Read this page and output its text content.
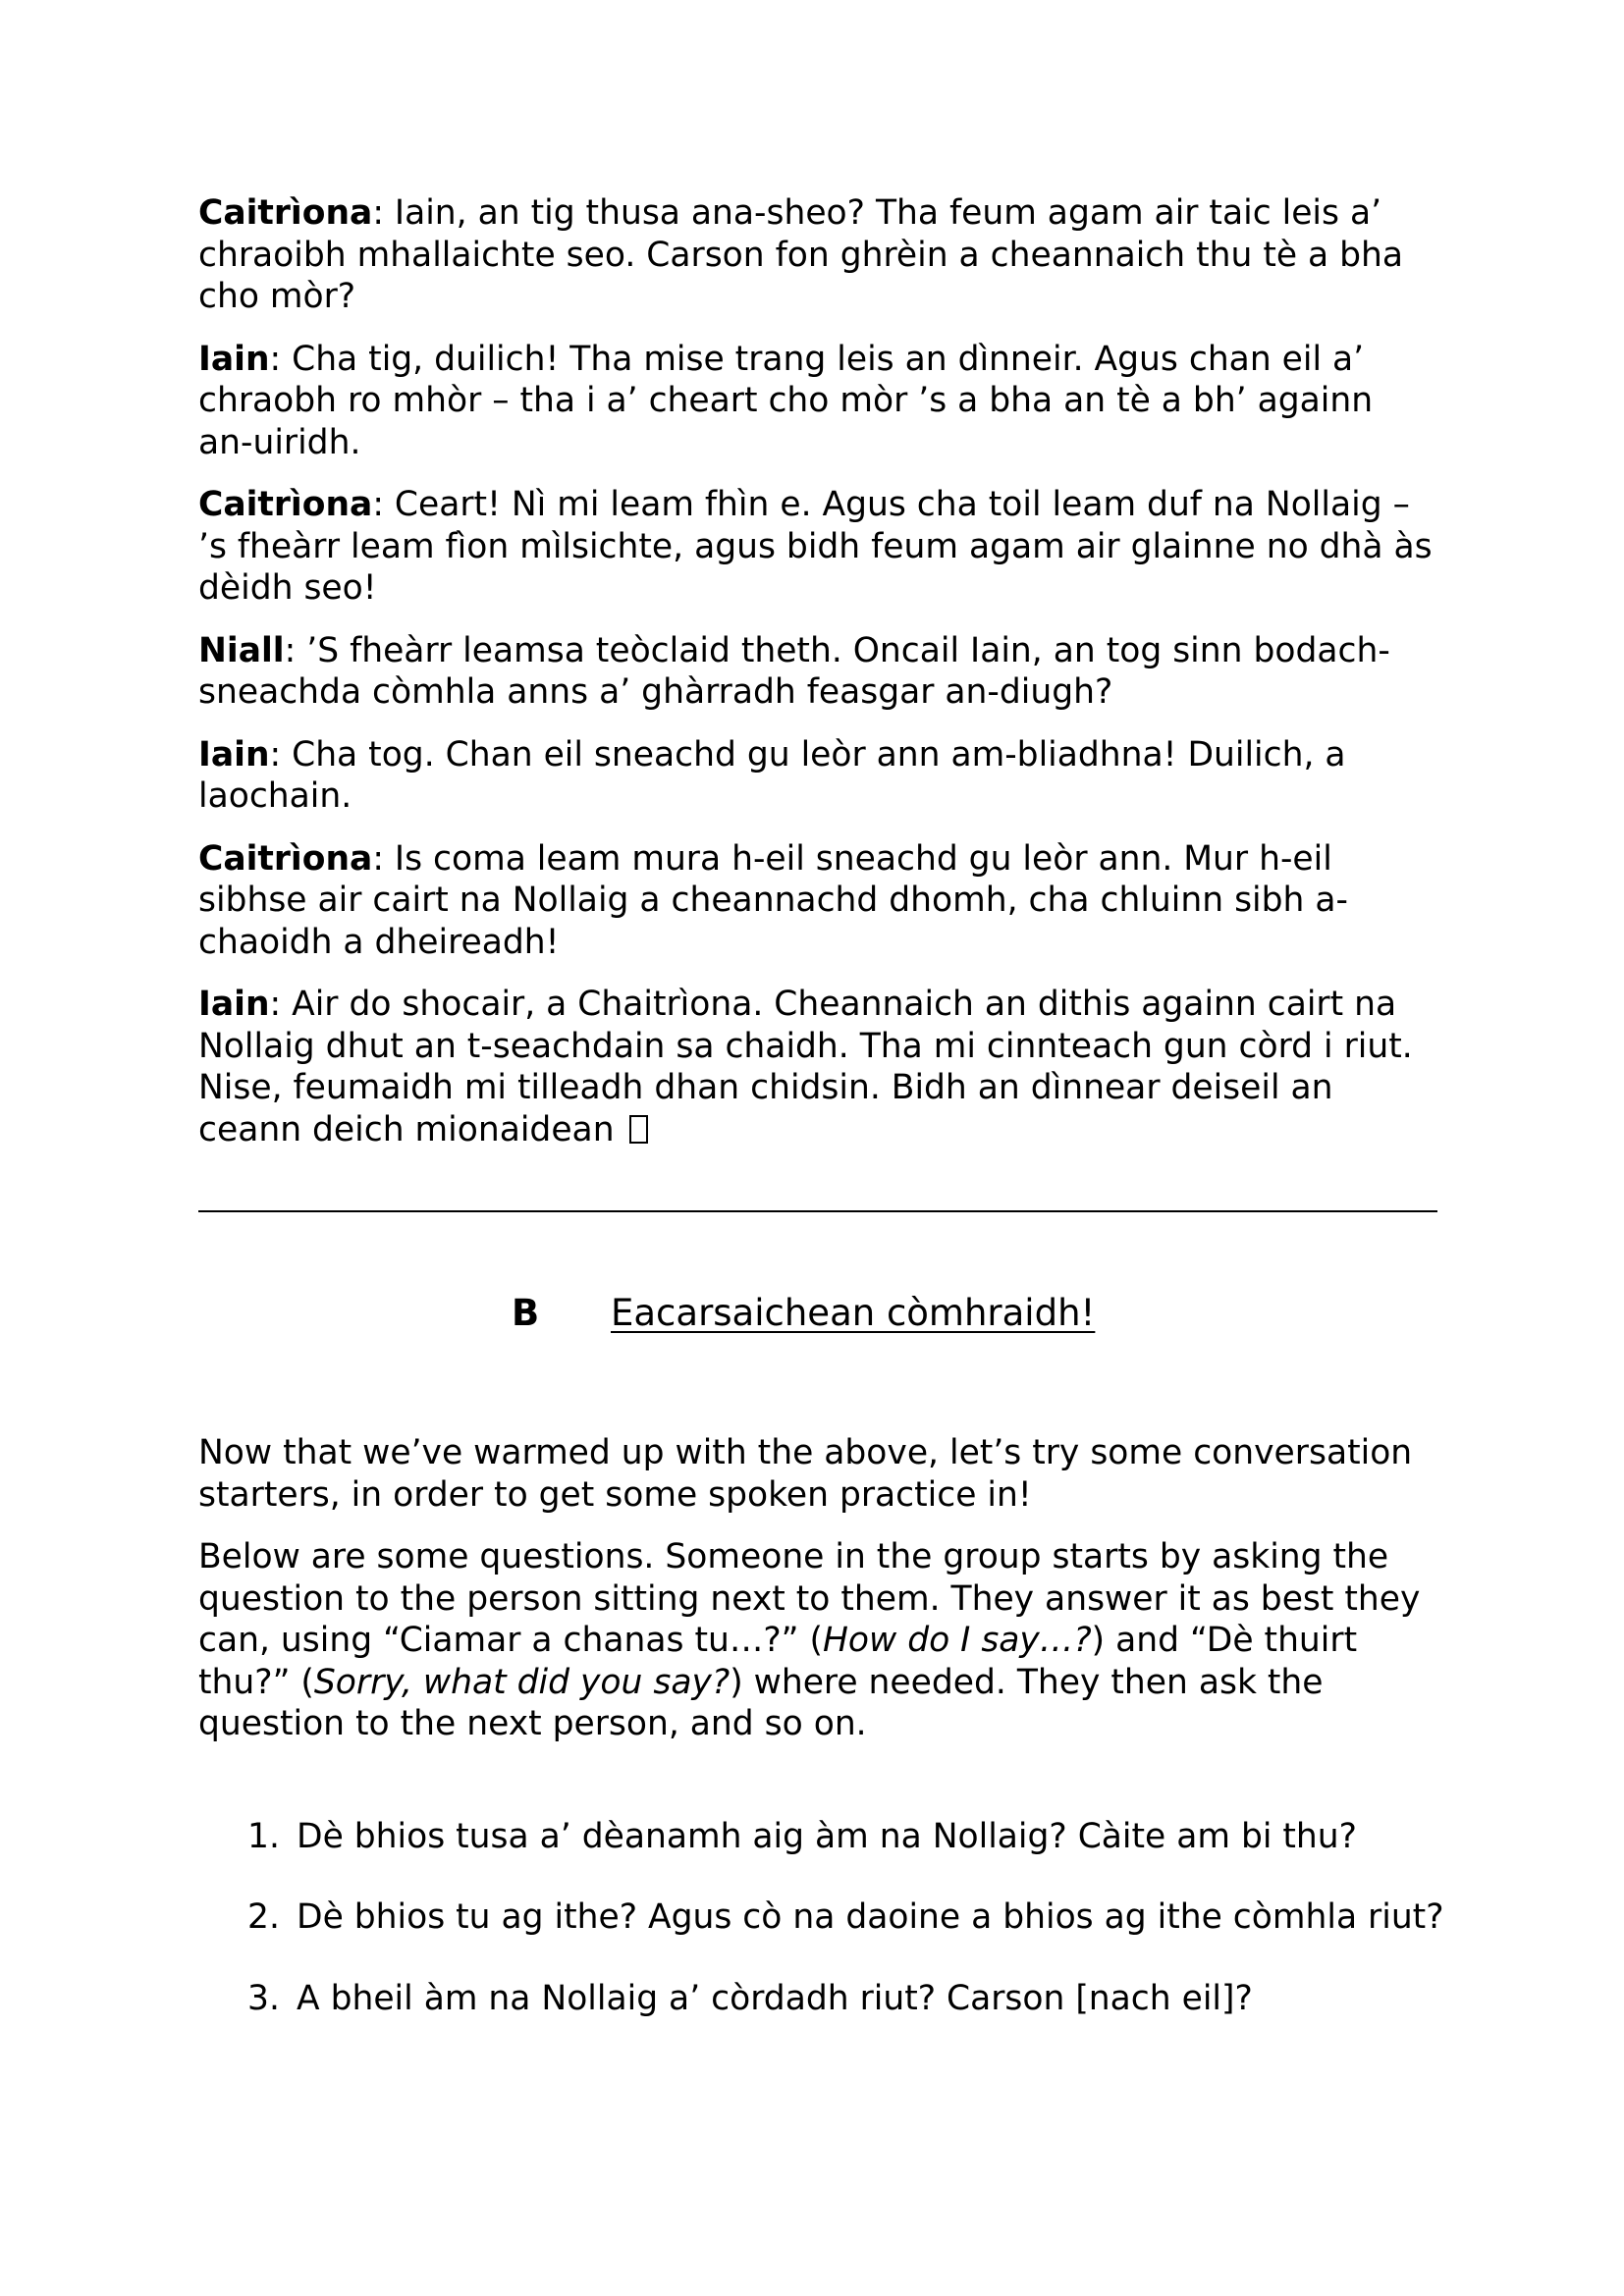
Caitrìona: Iain, an tig thusa ana-sheo? Tha feum agam air taic leis a’ chraoibh mhallaichte seo. Carson fon ghrèin a cheannaich thu tè a bha cho mòr?

Iain: Cha tig, duilich! Tha mise trang leis an dìnneir. Agus chan eil a’ chraobh ro mhòr – tha i a’ cheart cho mòr ’s a bha an tè a bh’ againn an-uiridh.

Caitrìona: Ceart! Nì mi leam fhìn e. Agus cha toil leam duf na Nollaig – ’s fheàrr leam fìon mìlsichte, agus bidh feum agam air glainne no dhà às dèidh seo!

Niall: ’S fheàrr leamsa teòclaid theth. Oncail Iain, an tog sinn bodach-sneachda còmhla anns a’ ghàrradh feasgar an-diugh?

Iain: Cha tog. Chan eil sneachd gu leòr ann am-bliadhna! Duilich, a laochain.

Caitrìona: Is coma leam mura h-eil sneachd gu leòr ann. Mur h-eil sibhse air cairt na Nollaig a cheannachd dhomh, cha chluinn sibh a-chaoidh a dheireadh!

Iain: Air do shocair, a Chaitrìona. Cheannaich an dithis againn cairt na Nollaig dhut an t-seachdain sa chaidh. Tha mi cinnteach gun còrd i riut. Nise, feumaidh mi tilleadh dhan chidsin. Bidh an dìnnear deiseil an ceann deich mionaidean

B Eacarsaichean còmhraidh!

Now that we’ve warmed up with the above, let’s try some conversation starters, in order to get some spoken practice in!

Below are some questions. Someone in the group starts by asking the question to the person sitting next to them. They answer it as best they can, using “Ciamar a chanas tu…?” (How do I say…?) and “Dè thuirt thu?” (Sorry, what did you say?) where needed. They then ask the question to the next person, and so on.

1. Dè bhios tusa a’ dèanamh aig àm na Nollaig? Càite am bi thu?
2. Dè bhios tu ag ithe? Agus cò na daoine a bhios ag ithe còmhla riut?
3. A bheil àm na Nollaig a’ còrdadh riut? Carson [nach eil]?
